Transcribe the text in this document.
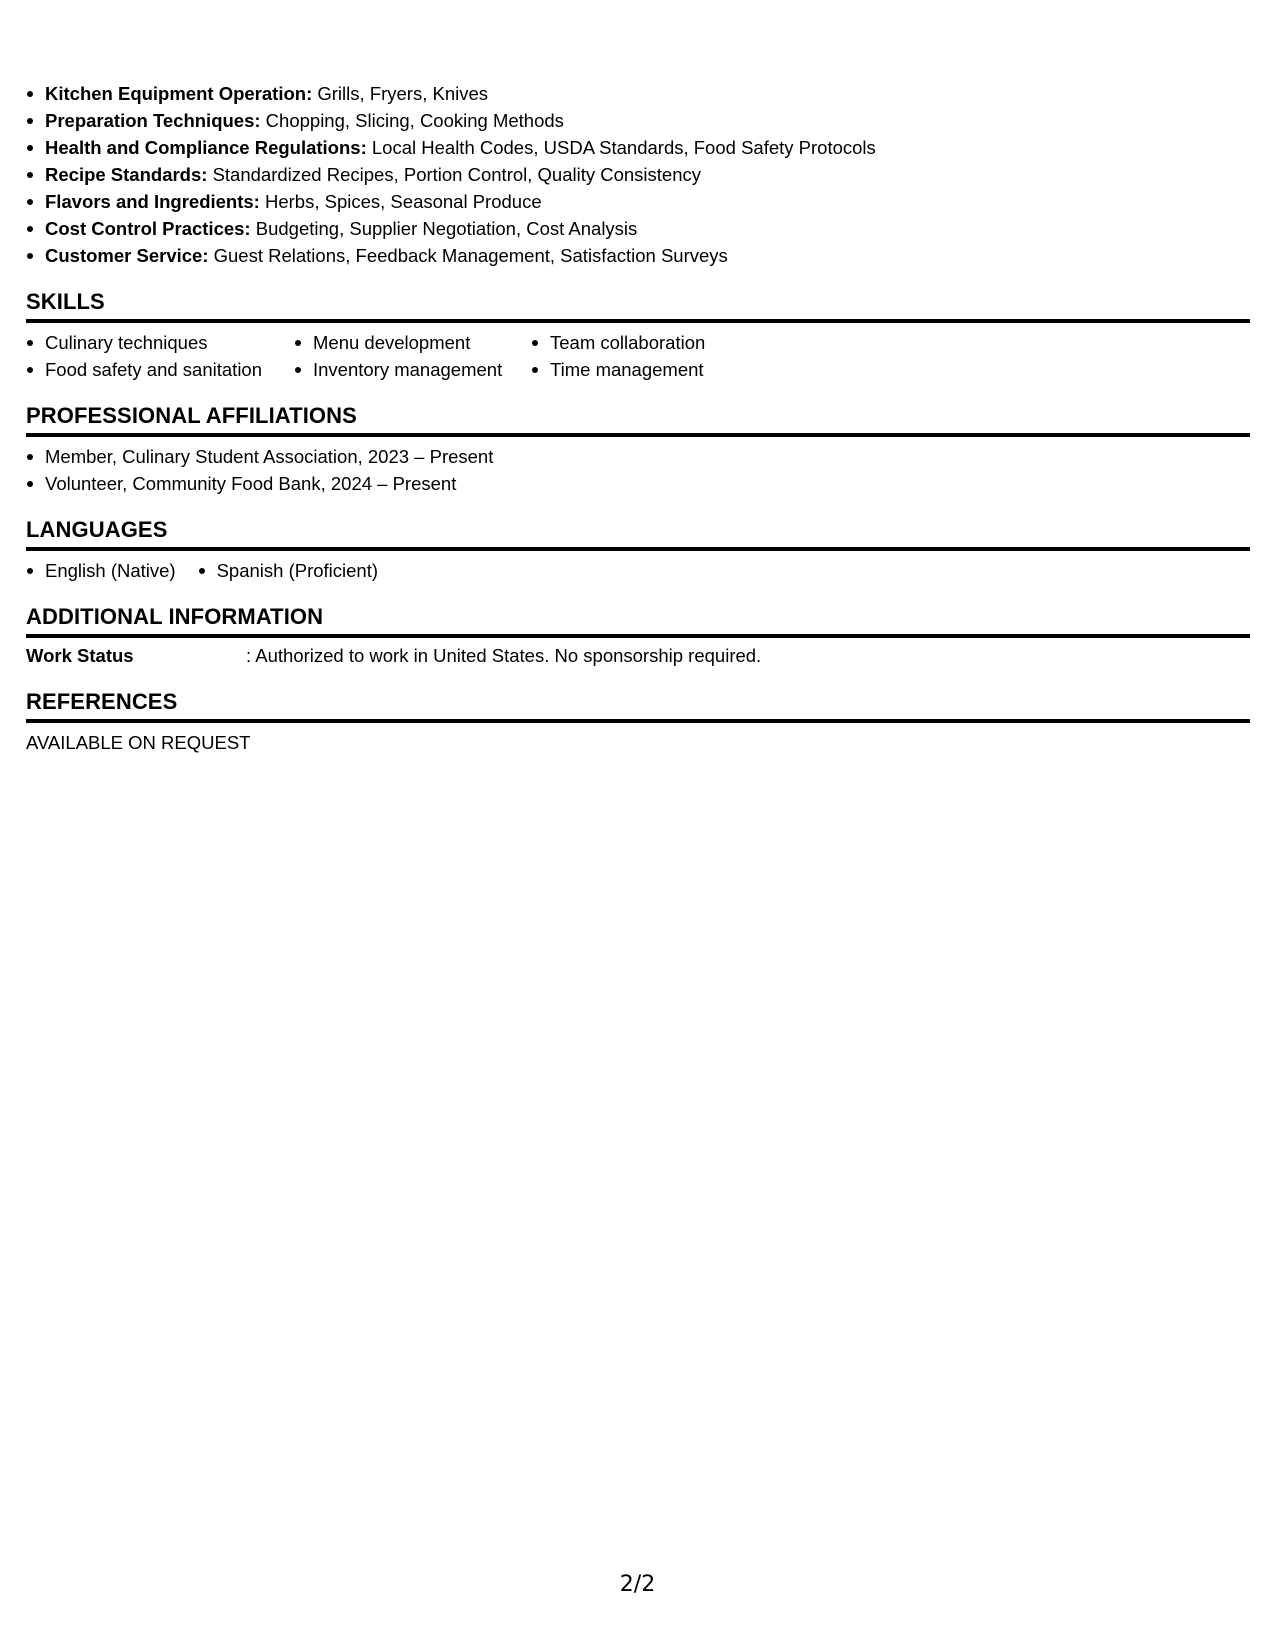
Kitchen Equipment Operation: Grills, Fryers, Knives
Preparation Techniques: Chopping, Slicing, Cooking Methods
Health and Compliance Regulations: Local Health Codes, USDA Standards, Food Safety Protocols
Recipe Standards: Standardized Recipes, Portion Control, Quality Consistency
Flavors and Ingredients: Herbs, Spices, Seasonal Produce
Cost Control Practices: Budgeting, Supplier Negotiation, Cost Analysis
Customer Service: Guest Relations, Feedback Management, Satisfaction Surveys
SKILLS
Culinary techniques
Food safety and sanitation
Menu development
Inventory management
Team collaboration
Time management
PROFESSIONAL AFFILIATIONS
Member, Culinary Student Association, 2023 – Present
Volunteer, Community Food Bank, 2024 – Present
LANGUAGES
English (Native)	Spanish (Proficient)
ADDITIONAL INFORMATION
Work Status	: Authorized to work in United States. No sponsorship required.
REFERENCES
AVAILABLE ON REQUEST
2/2
